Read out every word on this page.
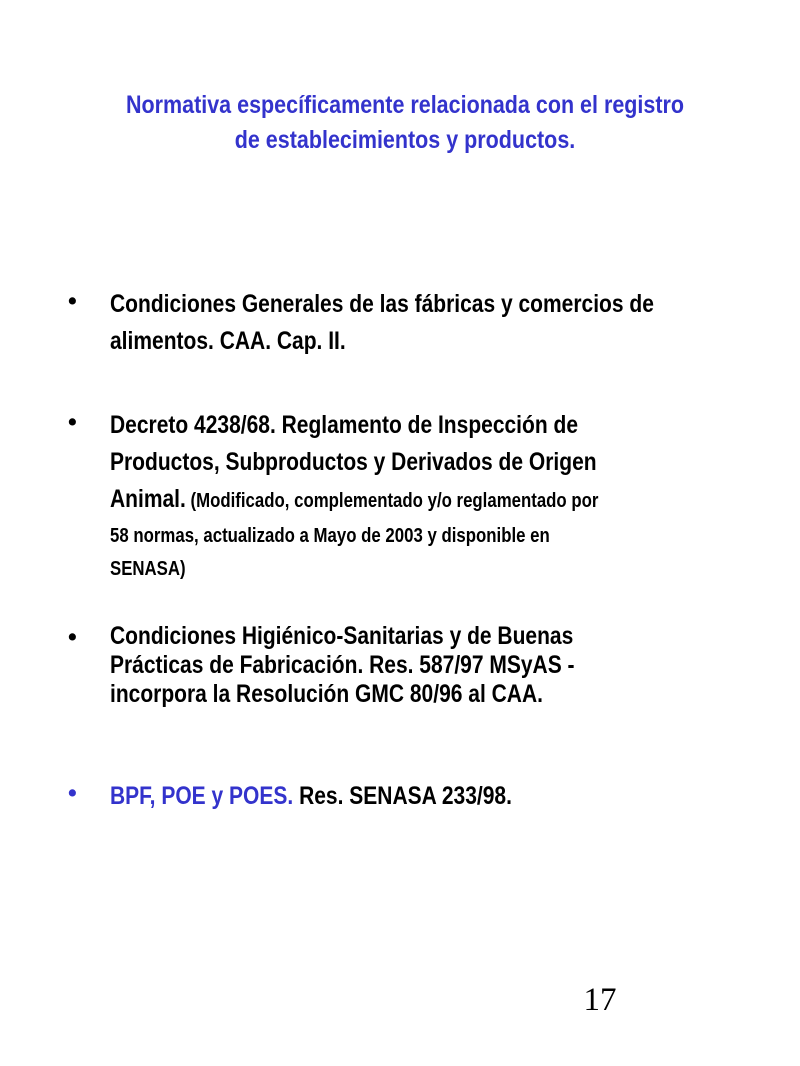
Normativa específicamente relacionada con el registro
de establecimientos y productos.
• Condiciones Generales de las fábricas y comercios de
alimentos. CAA. Cap. II.
• Decreto 4238/68. Reglamento de Inspección de
Productos, Subproductos y Derivados de Origen
Animal. (Modificado, complementado y/o reglamentado por
58 normas, actualizado a Mayo de 2003 y disponible en
SENASA)
• Condiciones Higiénico-Sanitarias y de Buenas
Prácticas de Fabricación. Res. 587/97 MSyAS -
incorpora la Resolución GMC 80/96 al CAA.
• BPF, POE y POES. Res. SENASA 233/98.
17
